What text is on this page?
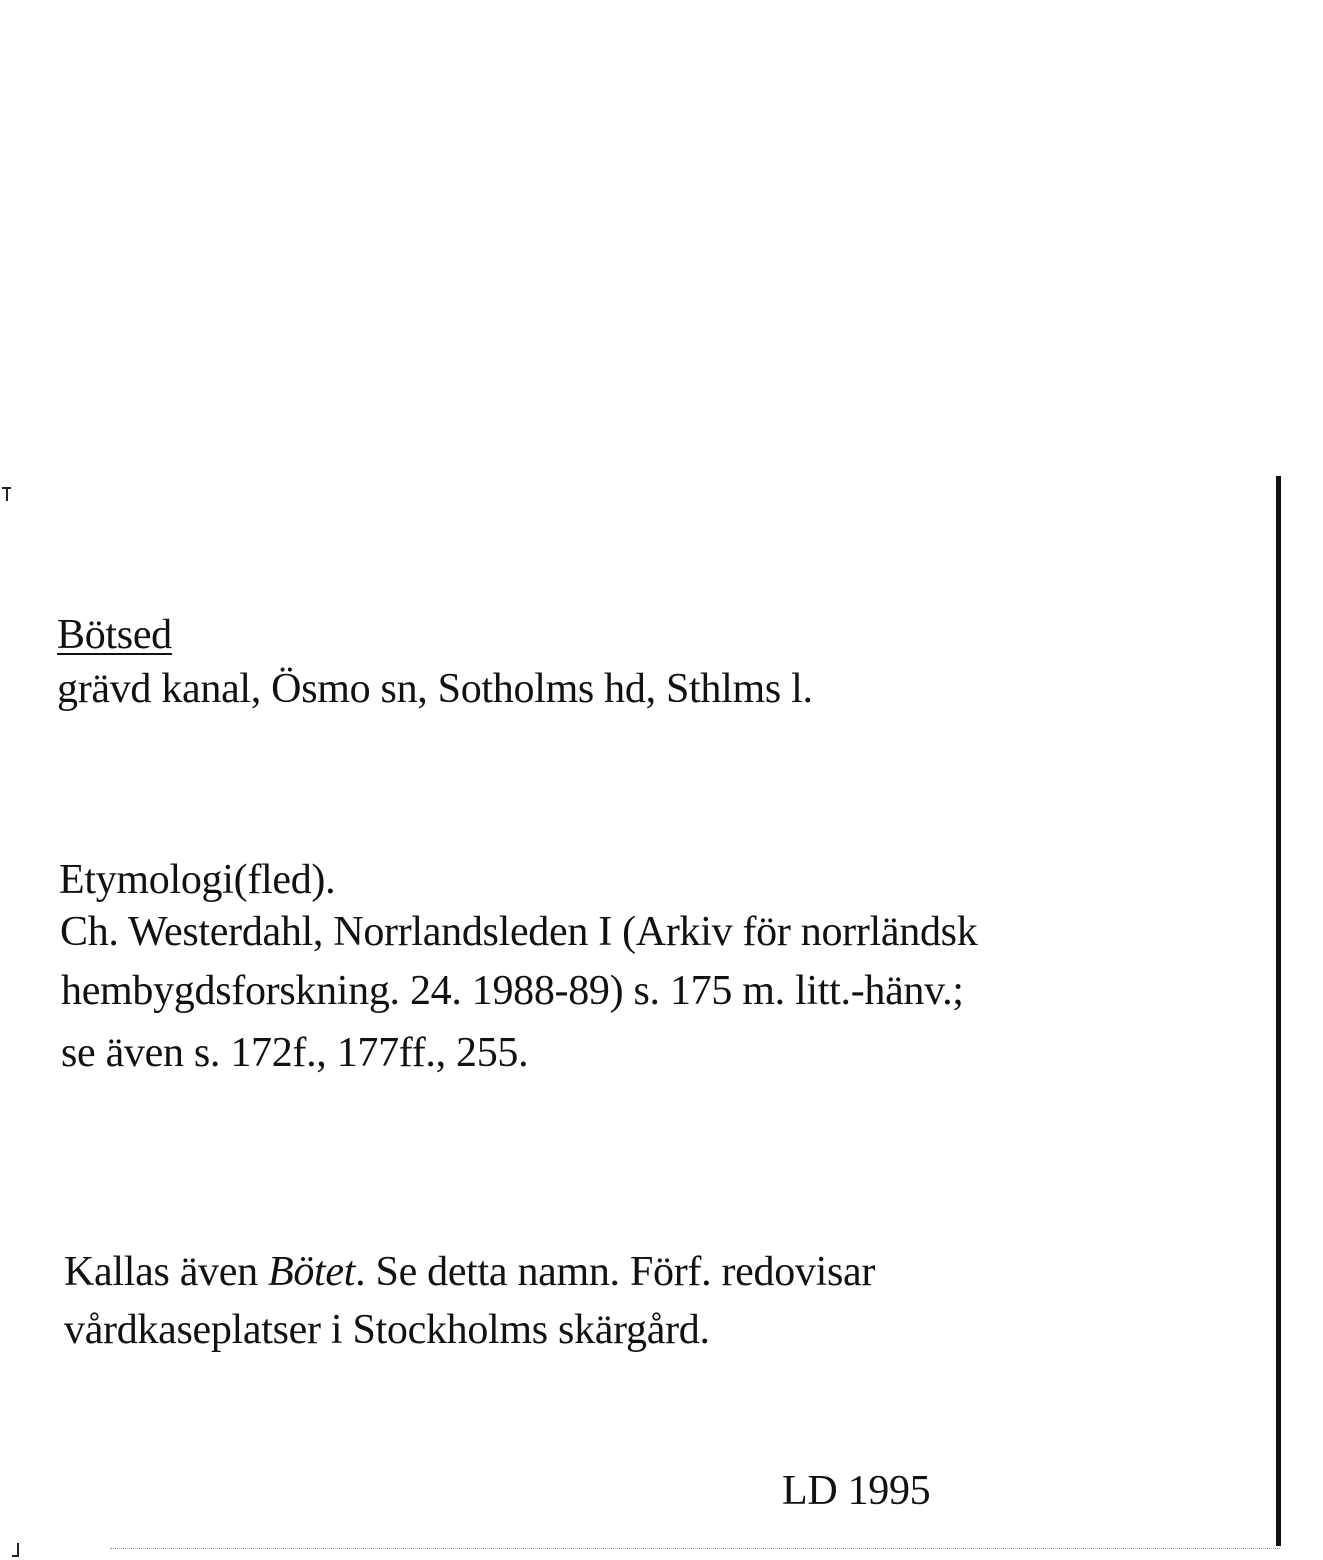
Bötsed
grävd kanal, Ösmo sn, Sotholms hd, Sthlms l.
Etymologi(fled).
Ch. Westerdahl, Norrlandsleden I (Arkiv för norrländsk
hembygdsforskning. 24. 1988-89) s. 175 m. litt.-hänv.;
se även s. 172f., 177ff., 255.
Kallas även Bötet. Se detta namn. Förf. redovisar
vårdkaseplatser i Stockholms skärgård.
LD 1995
